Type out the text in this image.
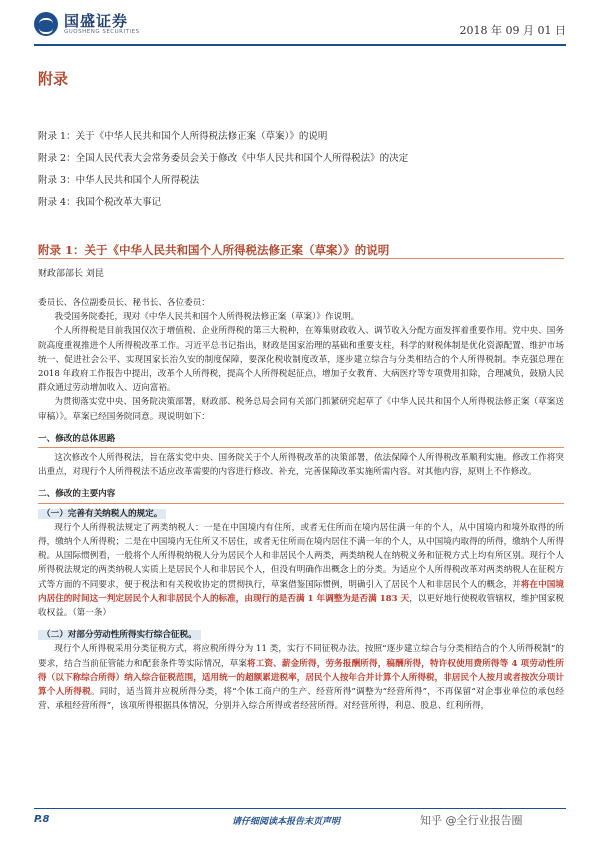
国盛证券
GUOSHENG SECURITIES	2018 年 09 月 01 日
附录
附录 1：关于《中华人民共和国个人所得税法修正案（草案）》的说明
附录 2：全国人民代表大会常务委员会关于修改《中华人民共和国个人所得税法》的决定
附录 3：中华人民共和国个人所得税法
附录 4：我国个税改革大事记
附录 1：关于《中华人民共和国个人所得税法修正案（草案）》的说明
财政部部长 刘昆

委员长、各位副委员长、秘书长、各位委员：

我受国务院委托，现对《中华人民共和国个人所得税法修正案（草案）》作说明。

个人所得税是目前我国仅次于增值税、企业所得税的第三大税种，在筹集财政收入、调节收入分配方面发挥着重要作用。党中央、国务院高度重视推进个人所得税改革工作。习近平总书记指出，财政是国家治理的基础和重要支柱，科学的财税体制是优化资源配置、维护市场统一、促进社会公平、实现国家长治久安的制度保障，要深化税收制度改革，逐步建立综合与分类相结合的个人所得税制。李克强总理在 2018 年政府工作报告中提出，改革个人所得税，提高个人所得税起征点，增加子女教育、大病医疗等专项费用扣除，合理减负，鼓励人民群众通过劳动增加收入、迈向富裕。

为贯彻落实党中央、国务院决策部署，财政部、税务总局会同有关部门抓紧研究起草了《中华人民共和国个人所得税法修正案（草案送审稿）》。草案已经国务院同意。现说明如下：

一、修改的总体思路

这次修改个人所得税法，旨在落实党中央、国务院关于个人所得税改革的决策部署，依法保障个人所得税改革顺利实施。修改工作将突出重点，对现行个人所得税法不适应改革需要的内容进行修改、补充，完善保障改革实施所需内容。对其他内容，原则上不作修改。

二、修改的主要内容

（一）完善有关纳税人的规定。

现行个人所得税法规定了两类纳税人：一是在中国境内有住所，或者无住所而在境内居住满一年的个人，从中国境内和境外取得的所得，缴纳个人所得税；二是在中国境内无住所又不居住，或者无住所而在境内居住不满一年的个人，从中国境内取得的所得，缴纳个人所得税。从国际惯例看，一般将个人所得税纳税人分为居民个人和非居民个人两类，两类纳税人在纳税义务和征税方式上均有所区别。现行个人所得税法规定的两类纳税人实质上是居民个人和非居民个人，但没有明确作出概念上的分类。为适应个人所得税改革对两类纳税人在征税方式等方面的不同要求，便于税法和有关税收协定的贯彻执行，草案借鉴国际惯例，明确引入了居民个人和非居民个人的概念，并将在中国境内居住的时间这一判定居民个人和非居民个人的标准，由现行的是否满 1 年调整为是否满 183 天，以更好地行使税收管辖权，维护国家税收权益。（第一条）

（二）对部分劳动性所得实行综合征税。

现行个人所得税采用分类征税方式，将应税所得分为 11 类，实行不同征税办法。按照“逐步建立综合与分类相结合的个人所得税制”的要求，结合当前征管能力和配套条件等实际情况，草案将工资、薪金所得，劳务报酬所得，稿酬所得，特许权使用费所得等 4 项劳动性所得（以下称综合所得）纳入综合征税范围，适用统一的超额累进税率，居民个人按年合并计算个人所得税，非居民个人按月或者按次分项计算个人所得税。同时，适当简并应税所得分类，将“个体工商户的生产、经营所得”调整为“经营所得”，不再保留“对企事业单位的承包经营、承租经营所得”，该项所得根据具体情况，分别并入综合所得或者经营所得。对经营所得，利息、股息、红利所得，

P.8	请仔细阅读本报告末页声明	知乎 @全行业报告圈
